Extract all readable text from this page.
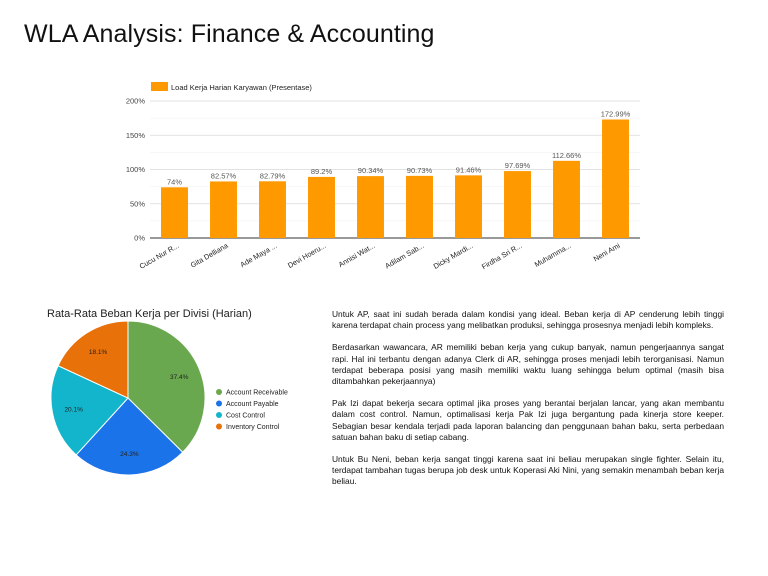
WLA Analysis: Finance & Accounting
Load Kerja Harian Karyawan (Presentase)
0%
50%
100%
150%
200%
74%
Cucu Nur R...
82.57%
Gita Delliana
82.79%
Ade Maya ...
89.2%
Devi Hoeru...
90.34%
Annisi Wat...
90.73%
Adilam Sab...
91.46%
Dicky Mardi...
97.69%
Firdha Sri R...
112.66%
Muhamma...
172.99%
Neni Ami
Rata-Rata Beban Kerja per Divisi (Harian)
37.4%
24.3%
20.1%
18.1%
Account Receivable
Account Payable
Cost Control
Inventory Control

Untuk AP, saat ini sudah berada dalam kondisi yang ideal. Beban kerja di AP cenderung lebih tinggi karena terdapat chain process yang melibatkan produksi, sehingga prosesnya menjadi lebih kompleks.

Berdasarkan wawancara, AR memiliki beban kerja yang cukup banyak, namun pengerjaannya sangat rapi. Hal ini terbantu dengan adanya Clerk di AR, sehingga proses menjadi lebih terorganisasi. Namun terdapat beberapa posisi yang masih memiliki waktu luang sehingga belum optimal (masih bisa ditambahkan pekerjaannya)

Pak Izi dapat bekerja secara optimal jika proses yang berantai berjalan lancar, yang akan membantu dalam cost control. Namun, optimalisasi kerja Pak Izi juga bergantung pada kinerja store keeper. Sebagian besar kendala terjadi pada laporan balancing dan penggunaan bahan baku, serta perbedaan satuan bahan baku di setiap cabang.

Untuk Bu Neni, beban kerja sangat tinggi karena saat ini beliau merupakan single fighter. Selain itu, terdapat tambahan tugas berupa job desk untuk Koperasi Aki Nini, yang semakin menambah beban kerja beliau.
